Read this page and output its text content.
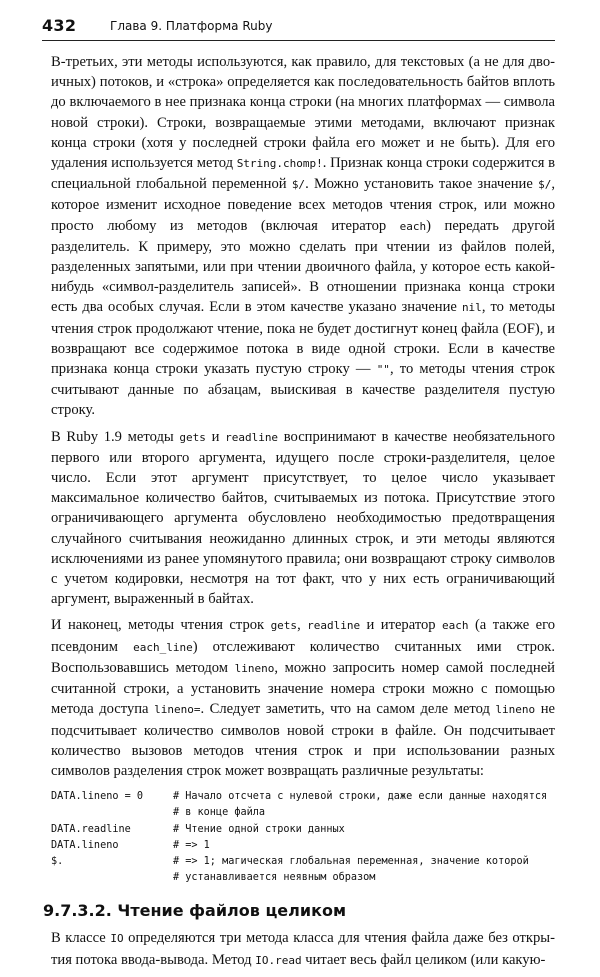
432	Глава 9. Платформа Ruby

В-третьих, эти методы используются, как правило, для текстовых (а не для двоичных) потоков, и «строка» определяется как последовательность байтов вплоть до включаемого в нее признака конца строки (на многих платформах — символа новой строки). Строки, возвращаемые этими методами, включают признак конца строки (хотя у последней строки файла его может и не быть). Для его удаления используется метод String.chomp!. Признак конца строки содержится в специальной глобальной переменной $/. Можно установить такое значение $/, которое изменит исходное поведение всех методов чтения строк, или можно просто любому из методов (включая итератор each) передать другой разделитель. К примеру, это можно сделать при чтении из файлов полей, разделенных запятыми, или при чтении двоичного файла, у которое есть какой-нибудь «символ-разделитель записей». В отношении признака конца строки есть два особых случая. Если в этом качестве указано значение nil, то методы чтения строк продолжают чтение, пока не будет достигнут конец файла (EOF), и возвращают все содержимое потока в виде одной строки. Если в качестве признака конца строки указать пустую строку — "", то методы чтения строк считывают данные по абзацам, выискивая в качестве разделителя пустую строку.

В Ruby 1.9 методы gets и readline воспринимают в качестве необязательного первого или второго аргумента, идущего после строки-разделителя, целое число. Если этот аргумент присутствует, то целое число указывает максимальное количество байтов, считываемых из потока. Присутствие этого ограничивающего аргумента обусловлено необходимостью предотвращения случайного считывания неожиданно длинных строк, и эти методы являются исключениями из ранее упомянутого правила; они возвращают строку символов с учетом кодировки, несмотря на тот факт, что у них есть ограничивающий аргумент, выраженный в байтах.

И наконец, методы чтения строк gets, readline и итератор each (а также его псевдоним each_line) отслеживают количество считанных ими строк. Воспользовавшись методом lineno, можно запросить номер самой последней считанной строки, а установить значение номера строки можно с помощью метода доступа lineno=. Следует заметить, что на самом деле метод lineno не подсчитывает количество символов новой строки в файле. Он подсчитывает количество вызовов методов чтения строк и при использовании разных символов разделения строк может возвращать различные результаты:

DATA.lineno = 0	# Начало отсчета с нулевой строки, даже если данные находятся
# в конце файла
DATA.readline	# Чтение одной строки данных
DATA.lineno	# => 1
$.	# => 1; магическая глобальная переменная, значение которой
# устанавливается неявным образом
9.7.3.2. Чтение файлов целиком

В классе IO определяются три метода класса для чтения файла даже без открытия потока ввода-вывода. Метод IO.read читает весь файл целиком (или какую-
